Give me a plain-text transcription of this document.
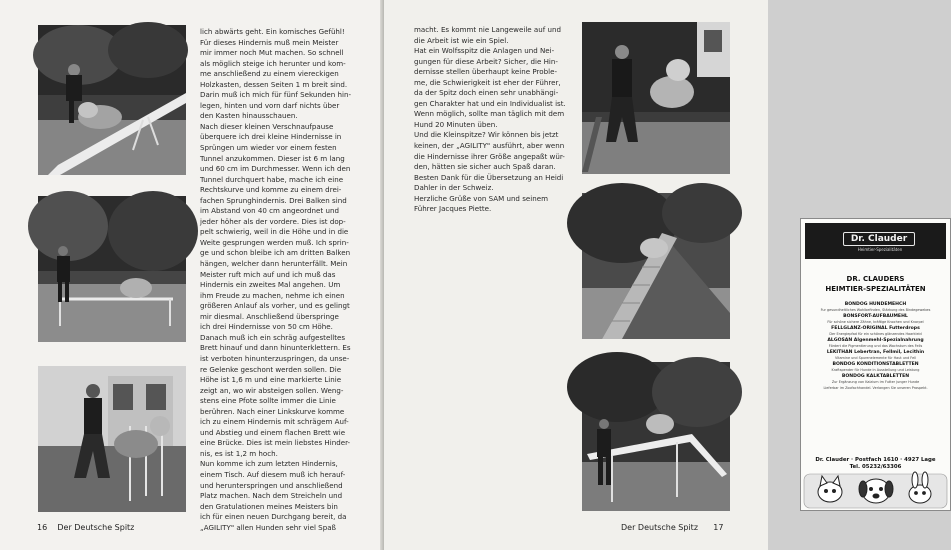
lich abwärts geht. Ein komisches Gefühl!

Für dieses Hindernis muß mein Meister

mir immer noch Mut machen. So schnell

als möglich steige ich herunter und kom-

me anschließend zu einem viereckigen

Holzkasten, dessen Seiten 1 m breit sind.

Darin muß ich mich für fünf Sekunden hin-

legen, hinten und vorn darf nichts über

den Kasten hinausschauen.

Nach dieser kleinen Verschnaufpause

überquere ich drei kleine Hindernisse in

Sprüngen um wieder vor einem festen

Tunnel anzukommen. Dieser ist 6 m lang

und 60 cm im Durchmesser. Wenn ich den

Tunnel durchquert habe, mache ich eine

Rechtskurve und komme zu einem drei-

fachen Sprunghindernis. Drei Balken sind

im Abstand von 40 cm angeordnet und

jeder höher als der vordere. Dies ist dop-

pelt schwierig, weil in die Höhe und in die

Weite gesprungen werden muß. Ich sprin-

ge und schon bleibe ich am dritten Balken

hängen, welcher dann herunterfällt. Mein

Meister ruft mich auf und ich muß das

Hindernis ein zweites Mal angehen. Um

ihm Freude zu machen, nehme ich einen

größeren Anlauf als vorher, und es gelingt

mir diesmal. Anschließend überspringe

ich drei Hindernisse von 50 cm Höhe.

Danach muß ich ein schräg aufgestelltes

Brett hinauf und dann hinunterklettern. Es

ist verboten hinunterzuspringen, da unse-

re Gelenke geschont werden sollen. Die

Höhe ist 1,6 m und eine markierte Linie

zeigt an, wo wir absteigen sollen. Weng-

stens eine Pfote sollte immer die Linie

berühren. Nach einer Linkskurve komme

ich zu einem Hindernis mit schrägem Auf-

und Abstieg und einem flachen Brett wie

eine Brücke. Dies ist mein liebstes Hinder-

nis, es ist 1,2 m hoch.

Nun komme ich zum letzten Hindernis,

einem Tisch. Auf diesem muß ich herauf-

und herunterspringen und anschließend

Platz machen. Nach dem Streicheln und

den Gratulationen meines Meisters bin

ich für einen neuen Durchgang bereit, da

„AGILITY" allen Hunden sehr viel Spaß

16 Der Deutsche Spitz

macht. Es kommt nie Langeweile auf und

die Arbeit ist wie ein Spiel.

Hat ein Wolfsspitz die Anlagen und Nei-

gungen für diese Arbeit? Sicher, die Hin-

dernisse stellen überhaupt keine Proble-

me, die Schwierigkeit ist eher der Führer,

da der Spitz doch einen sehr unabhängi-

gen Charakter hat und ein Individualist ist.

Wenn möglich, sollte man täglich mit dem

Hund 20 Minuten üben.

Und die Kleinspitze? Wir können bis jetzt

keinen, der „AGILITY" ausführt, aber wenn

die Hindernisse ihrer Größe angepaßt wür-

den, hätten sie sicher auch Spaß daran.

Besten Dank für die Übersetzung an Heidi

Dahler in der Schweiz.

Herzliche Grüße von SAM und seinem

Führer Jacques Piette.

Dr. Clauder
Heimtier-Spezialitäten
DR. CLAUDERS
HEIMTIER-SPEZIALITÄTEN
BONDOG HUNDEMEHCH
Fur gesundheitliches Wohlbefinden, Stärkung des Bindegewebes
BONSFORT-AUFBAUMEHL
Für schöne sichere Zähne, kräftige Knochen und Knorpel
FELLGLANZ-ORIGINAL Futterdrops
Der Energiepfad für ein schönes glänzendes Haarkleid
ALGOSAN Algenmehl-Spezialnahrung
Fördert die Pigmentierung und das Wachstum des Fells
LEKITHAN Lebertran, Fellmil, Lecithin
Vitamine und Spurenelemente für Haut und Fell
BONDOG KONDITIONSTABLETTEN
Kraftspender für Hunde in Ausstellung und Leistung
BONDOG KALKTABLETTEN
Zur Ergänzung von Kalzium im Futter junger Hunde
Lieferbar im Zoofachhandel. Verlangen Sie unseren Prospekt.
Dr. Clauder · Postfach 1610 · 4927 Lage
Tel. 05232/63306
Der Deutsche Spitz 17
